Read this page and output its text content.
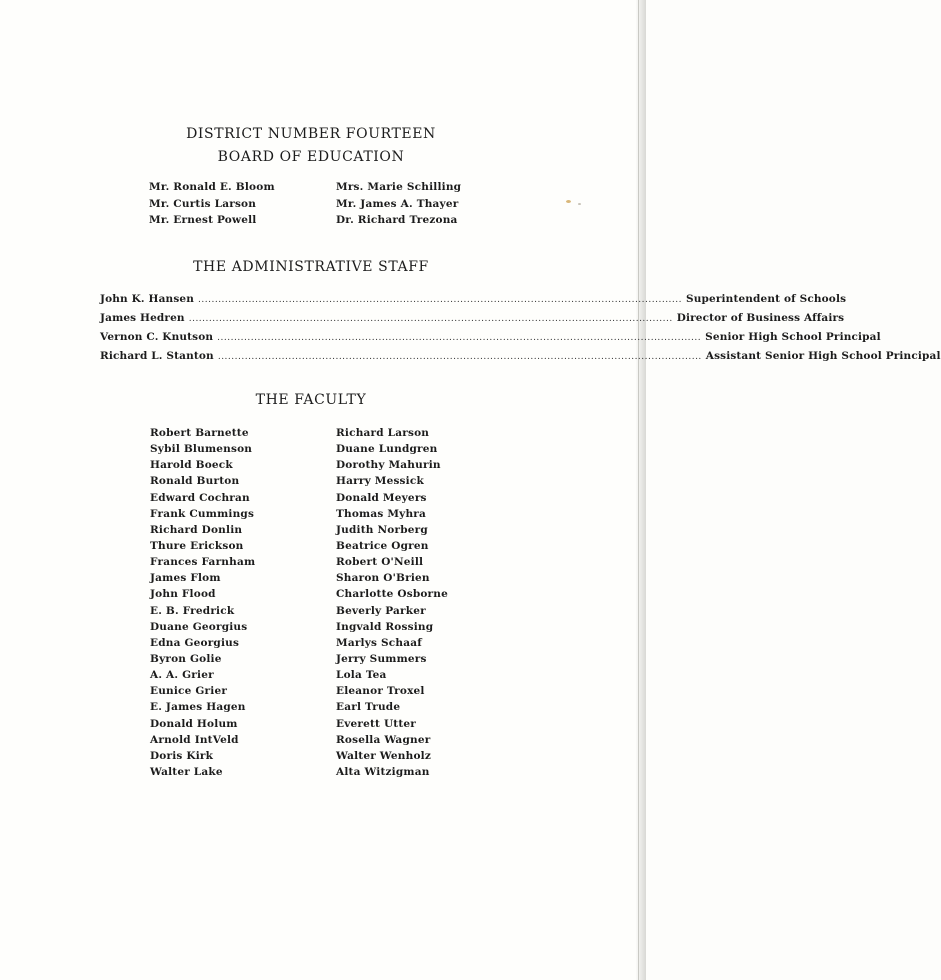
DISTRICT NUMBER FOURTEEN
BOARD OF EDUCATION
Mr. Ronald E. Bloom
Mr. Curtis Larson
Mr. Ernest Powell
Mrs. Marie Schilling
Mr. James A. Thayer
Dr. Richard Trezona
THE ADMINISTRATIVE STAFF
John K. Hansen ................................................................................................................................................ Superintendent of Schools
James Hedren ................................................................................................................................................ Director of Business Affairs
Vernon C. Knutson ................................................................................................................................................ Senior High School Principal
Richard L. Stanton ................................................................................................................................................ Assistant Senior High School Principal
THE FACULTY
Robert Barnette
Sybil Blumenson
Harold Boeck
Ronald Burton
Edward Cochran
Frank Cummings
Richard Donlin
Thure Erickson
Frances Farnham
James Flom
John Flood
E. B. Fredrick
Duane Georgius
Edna Georgius
Byron Golie
A. A. Grier
Eunice Grier
E. James Hagen
Donald Holum
Arnold IntVeld
Doris Kirk
Walter Lake
Richard Larson
Duane Lundgren
Dorothy Mahurin
Harry Messick
Donald Meyers
Thomas Myhra
Judith Norberg
Beatrice Ogren
Robert O'Neill
Sharon O'Brien
Charlotte Osborne
Beverly Parker
Ingvald Rossing
Marlys Schaaf
Jerry Summers
Lola Tea
Eleanor Troxel
Earl Trude
Everett Utter
Rosella Wagner
Walter Wenholz
Alta Witzigman
